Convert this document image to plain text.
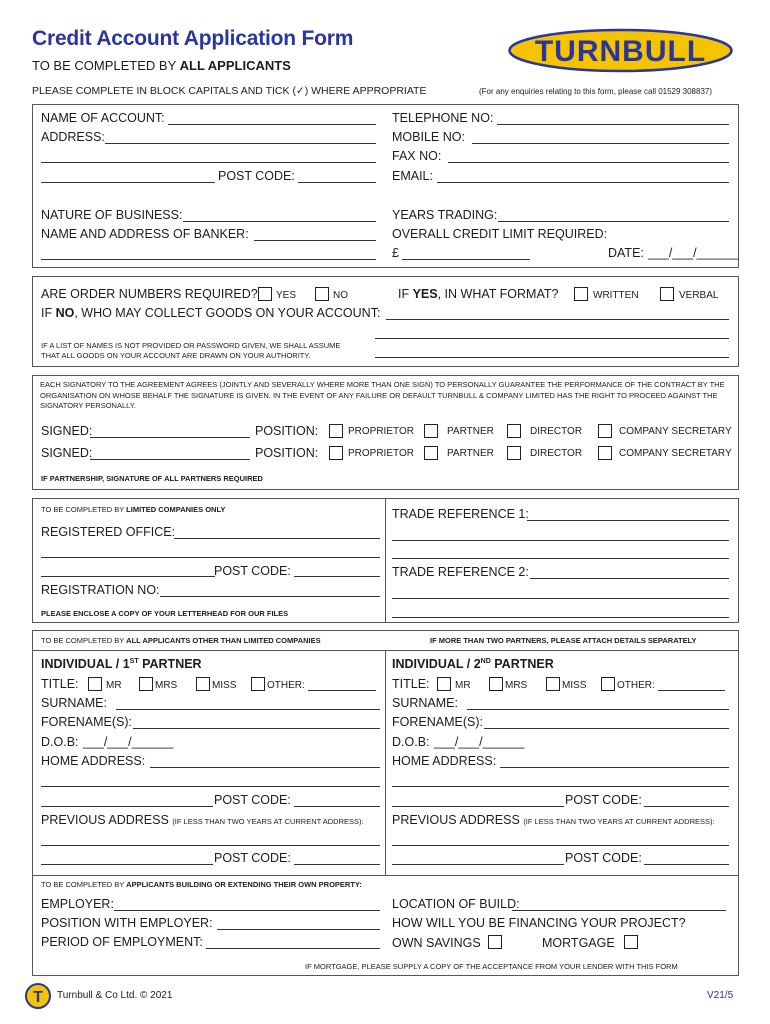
Credit Account Application Form
TO BE COMPLETED BY ALL APPLICANTS
PLEASE COMPLETE IN BLOCK CAPITALS AND TICK (✓) WHERE APPROPRIATE	(For any enquiries relating to this form, please call 01529 308837)
TURNBULL
NAME OF ACCOUNT:
ADDRESS:
POST CODE:
TELEPHONE NO:
MOBILE NO:
FAX NO:
EMAIL:
NATURE OF BUSINESS:
NAME AND ADDRESS OF BANKER:
YEARS TRADING:
OVERALL CREDIT LIMIT REQUIRED:
£	DATE: ___/___/______
ARE ORDER NUMBERS REQUIRED? YES	NO	IF YES, IN WHAT FORMAT?	WRITTEN	VERBAL
IF NO, WHO MAY COLLECT GOODS ON YOUR ACCOUNT:
IF A LIST OF NAMES IS NOT PROVIDED OR PASSWORD GIVEN, WE SHALL ASSUME
THAT ALL GOODS ON YOUR ACCOUNT ARE DRAWN ON YOUR AUTHORITY.
EACH SIGNATORY TO THE AGREEMENT AGREES (JOINTLY AND SEVERALLY WHERE MORE THAN ONE SIGN) TO PERSONALLY GUARANTEE THE PERFORMANCE OF THE CONTRACT BY THE ORGANISATION ON WHOSE BEHALF THE SIGNATURE IS GIVEN. IN THE EVENT OF ANY FAILURE OR DEFAULT TURNBULL & COMPANY LIMITED HAS THE RIGHT TO PROCEED AGAINST THE SIGNATORY PERSONALLY.
SIGNED:	POSITION:	PROPRIETOR	PARTNER	DIRECTOR	COMPANY SECRETARY
SIGNED:	POSITION:	PROPRIETOR	PARTNER	DIRECTOR	COMPANY SECRETARY
IF PARTNERSHIP, SIGNATURE OF ALL PARTNERS REQUIRED
TO BE COMPLETED BY LIMITED COMPANIES ONLY
REGISTERED OFFICE:
POST CODE:
REGISTRATION NO:
PLEASE ENCLOSE A COPY OF YOUR LETTERHEAD FOR OUR FILES
TRADE REFERENCE 1:
TRADE REFERENCE 2:
TO BE COMPLETED BY ALL APPLICANTS OTHER THAN LIMITED COMPANIES	IF MORE THAN TWO PARTNERS, PLEASE ATTACH DETAILS SEPARATELY
INDIVIDUAL / 1ST PARTNER
TITLE:	MR	MRS	MISS	OTHER:
SURNAME:
FORENAME(S):
D.O.B: ___/___/______
HOME ADDRESS:
POST CODE:
PREVIOUS ADDRESS (IF LESS THAN TWO YEARS AT CURRENT ADDRESS):
POST CODE:
INDIVIDUAL / 2ND PARTNER
TITLE:	MR	MRS	MISS	OTHER:
SURNAME:
FORENAME(S):
D.O.B: ___/___/______
HOME ADDRESS:
POST CODE:
PREVIOUS ADDRESS (IF LESS THAN TWO YEARS AT CURRENT ADDRESS):
POST CODE:
TO BE COMPLETED BY APPLICANTS BUILDING OR EXTENDING THEIR OWN PROPERTY:
EMPLOYER:
POSITION WITH EMPLOYER:
PERIOD OF EMPLOYMENT:
LOCATION OF BUILD:
HOW WILL YOU BE FINANCING YOUR PROJECT?
OWN SAVINGS	MORTGAGE
IF MORTGAGE, PLEASE SUPPLY A COPY OF THE ACCEPTANCE FROM YOUR LENDER WITH THIS FORM
T Turnbull & Co Ltd. © 2021	V21/5
